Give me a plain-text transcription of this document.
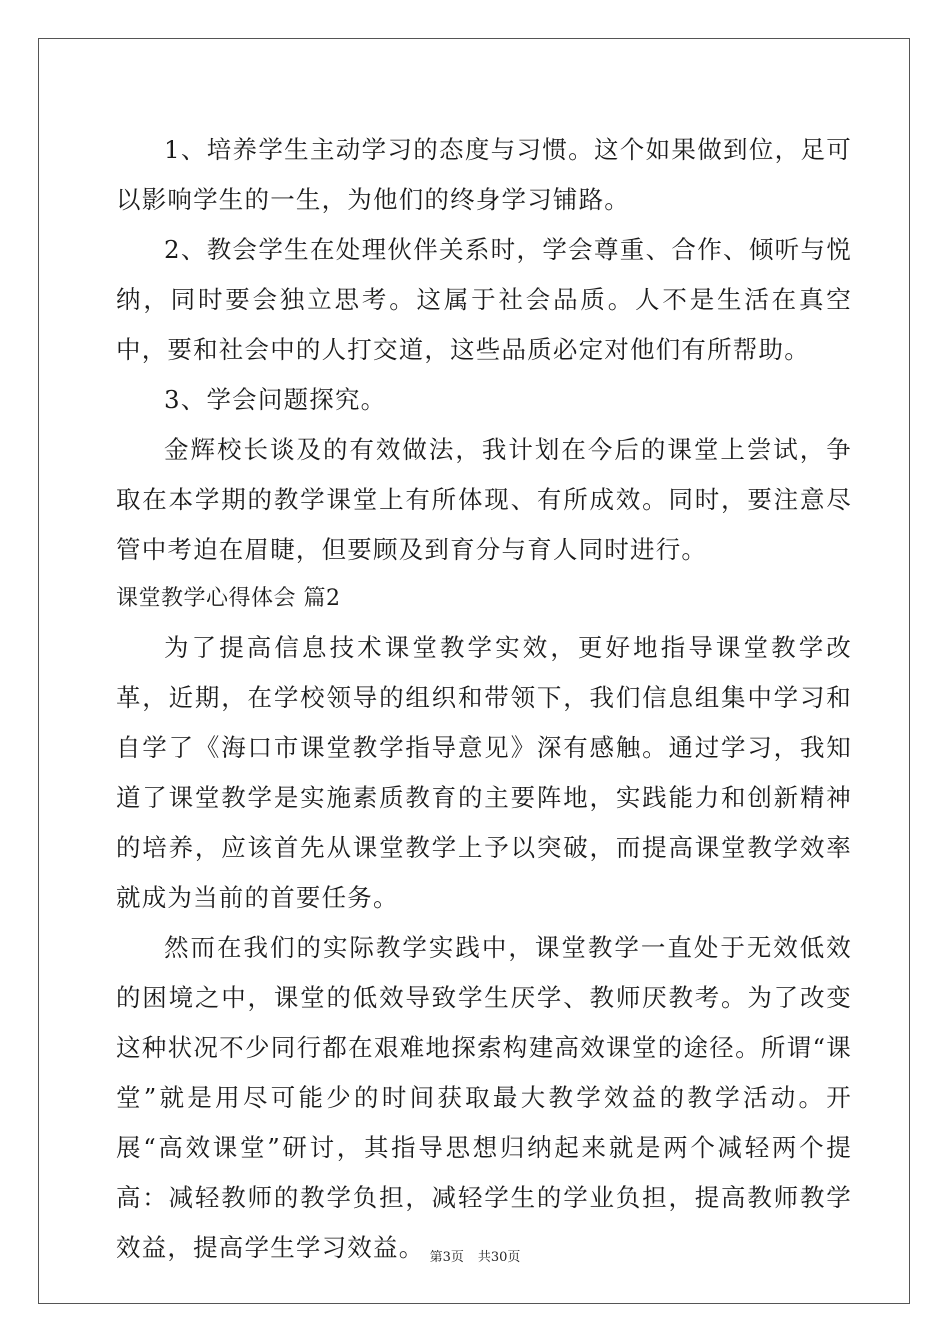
1、培养学生主动学习的态度与习惯。这个如果做到位，足可以影响学生的一生，为他们的终身学习铺路。

2、教会学生在处理伙伴关系时，学会尊重、合作、倾听与悦纳，同时要会独立思考。这属于社会品质。人不是生活在真空中，要和社会中的人打交道，这些品质必定对他们有所帮助。

3、学会问题探究。

金辉校长谈及的有效做法，我计划在今后的课堂上尝试，争取在本学期的教学课堂上有所体现、有所成效。同时，要注意尽管中考迫在眉睫，但要顾及到育分与育人同时进行。

课堂教学心得体会 篇2

为了提高信息技术课堂教学实效，更好地指导课堂教学改革，近期，在学校领导的组织和带领下，我们信息组集中学习和自学了《海口市课堂教学指导意见》深有感触。通过学习，我知道了课堂教学是实施素质教育的主要阵地，实践能力和创新精神的培养，应该首先从课堂教学上予以突破，而提高课堂教学效率就成为当前的首要任务。

然而在我们的实际教学实践中，课堂教学一直处于无效低效的困境之中，课堂的低效导致学生厌学、教师厌教考。为了改变这种状况不少同行都在艰难地探索构建高效课堂的途径。所谓“课堂”就是用尽可能少的时间获取最大教学效益的教学活动。开展“高效课堂”研讨，其指导思想归纳起来就是两个减轻两个提高：减轻教师的教学负担，减轻学生的学业负担，提高教师教学效益，提高学生学习效益。 第3页 共30页
